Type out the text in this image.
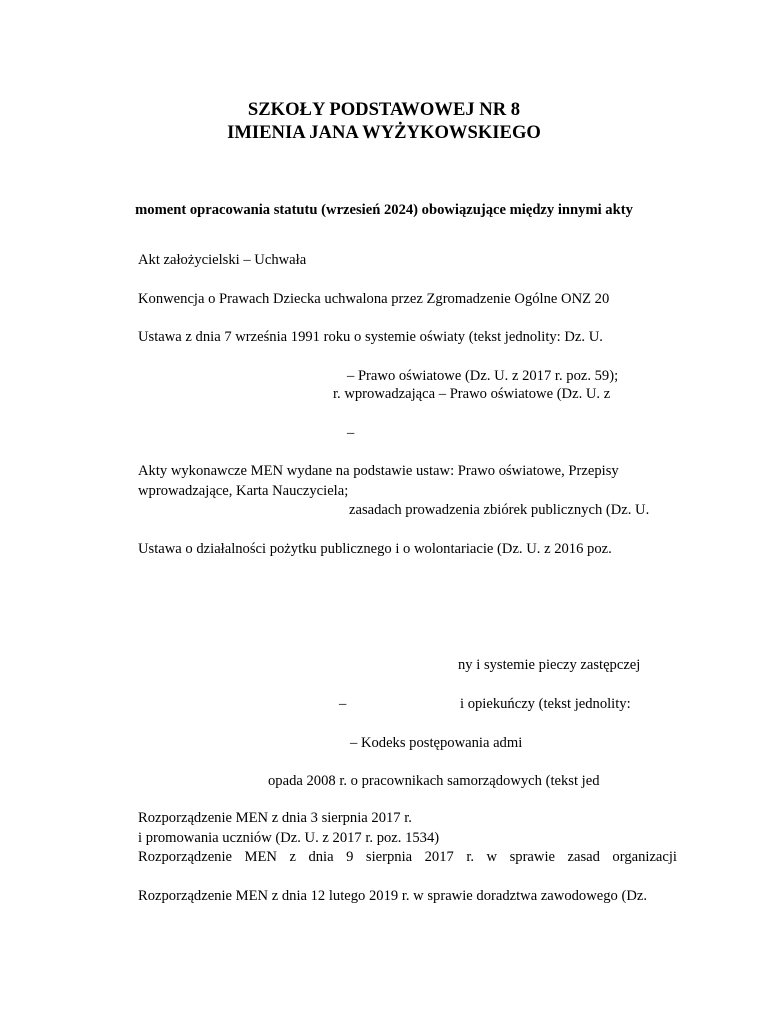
SZKOŁY PODSTAWOWEJ NR 8
IMIENIA JANA WYŻYKOWSKIEGO
moment opracowania statutu (wrzesień 2024) obowiązujące między innymi akty
Akt założycielski – Uchwała
Konwencja o Prawach Dziecka uchwalona przez Zgromadzenie Ogólne ONZ 20
Ustawa z dnia 7 września 1991 roku o systemie oświaty (tekst jednolity: Dz. U.
– Prawo oświatowe (Dz. U. z 2017 r. poz. 59);
r. wprowadzająca – Prawo oświatowe (Dz. U. z
–
Akty wykonawcze MEN wydane na podstawie ustaw: Prawo oświatowe, Przepisy
wprowadzające, Karta Nauczyciela;
zasadach prowadzenia zbiórek publicznych (Dz. U.
Ustawa o działalności pożytku publicznego i o wolontariacie (Dz. U. z 2016 poz.
ny i systemie pieczy zastępczej
–	i opiekuńczy (tekst jednolity:
– Kodeks postępowania admi
opada 2008 r. o pracownikach samorządowych (tekst jed
Rozporządzenie MEN z dnia 3 sierpnia 2017 r.
i promowania uczniów (Dz. U. z 2017 r. poz. 1534)
Rozporządzenie MEN z dnia 9 sierpnia 2017 r. w sprawie zasad organizacji
Rozporządzenie MEN z dnia 12 lutego 2019 r. w sprawie doradztwa zawodowego (Dz.
